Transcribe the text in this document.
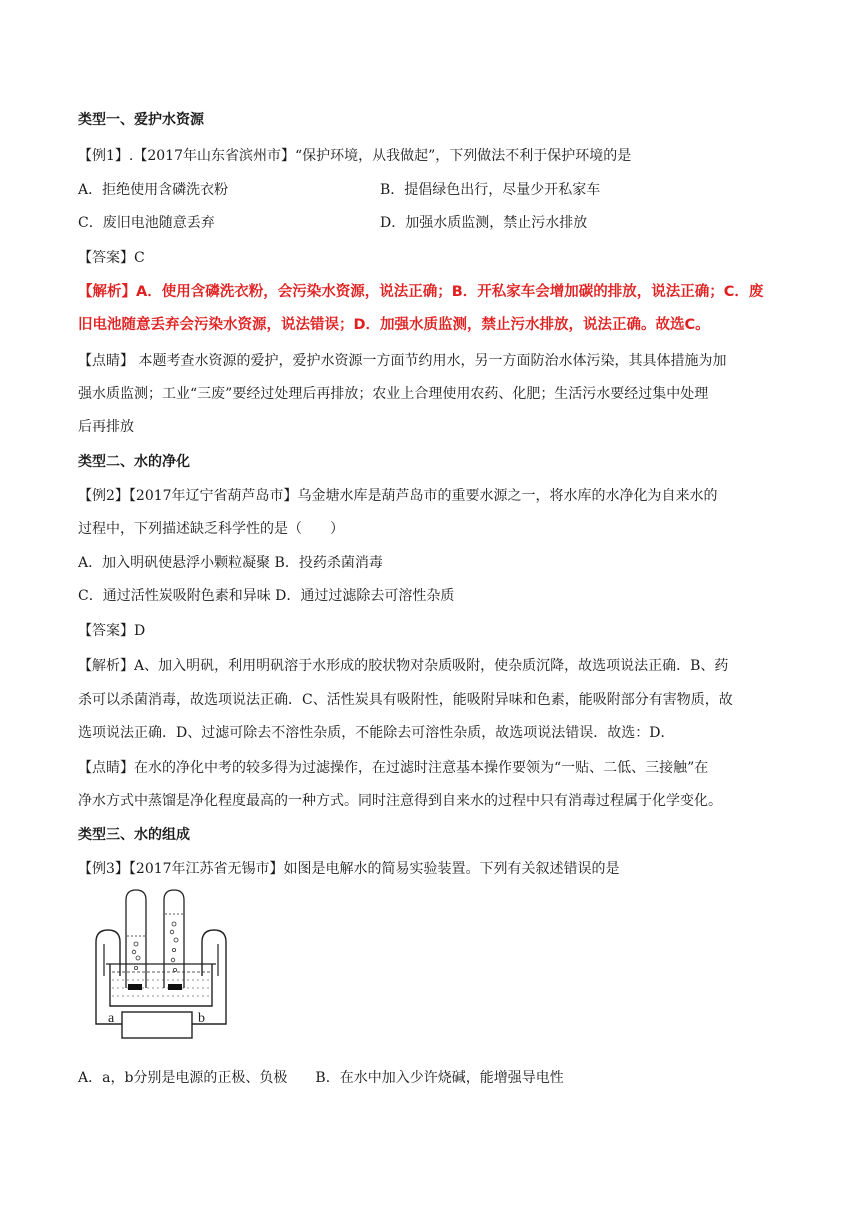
类型一、爱护水资源
【例1】.【2017年山东省滨州市】“保护环境，从我做起”，下列做法不利于保护环境的是
A．拒绝使用含磷洗衣粉	B．提倡绿色出行，尽量少开私家车
C．废旧电池随意丢弃	D．加强水质监测，禁止污水排放
【答案】C
【解析】A．使用含磷洗衣粉，会污染水资源，说法正确；B．开私家车会增加碳的排放，说法正确；C．废
旧电池随意丢弃会污染水资源，说法错误；D．加强水质监测，禁止污水排放，说法正确。故选C。
【点睛】 本题考查水资源的爱护，爱护水资源一方面节约用水，另一方面防治水体污染，其具体措施为加
强水质监测；工业“三废”要经过处理后再排放；农业上合理使用农药、化肥；生活污水要经过集中处理
后再排放
类型二、水的净化
【例2】【2017年辽宁省葫芦岛市】乌金塘水库是葫芦岛市的重要水源之一，将水库的水净化为自来水的
过程中，下列描述缺乏科学性的是（　　）
A．加入明矾使悬浮小颗粒凝聚 B．投药杀菌消毒
C．通过活性炭吸附色素和异味 D．通过过滤除去可溶性杂质
【答案】D
【解析】A、加入明矾，利用明矾溶于水形成的胶状物对杂质吸附，使杂质沉降，故选项说法正确．B、药
杀可以杀菌消毒，故选项说法正确．C、活性炭具有吸附性，能吸附异味和色素，能吸附部分有害物质，故
选项说法正确．D、过滤可除去不溶性杂质，不能除去可溶性杂质，故选项说法错误．故选：D．
【点睛】在水的净化中考的较多得为过滤操作，在过滤时注意基本操作要领为“一贴、二低、三接触”在
净水方式中蒸馏是净化程度最高的一种方式。同时注意得到自来水的过程中只有消毒过程属于化学变化。
类型三、水的组成
【例3】【2017年江苏省无锡市】如图是电解水的简易实验装置。下列有关叙述错误的是
a	b
A．a，b分别是电源的正极、负极　　B．在水中加入少许烧碱，能增强导电性
